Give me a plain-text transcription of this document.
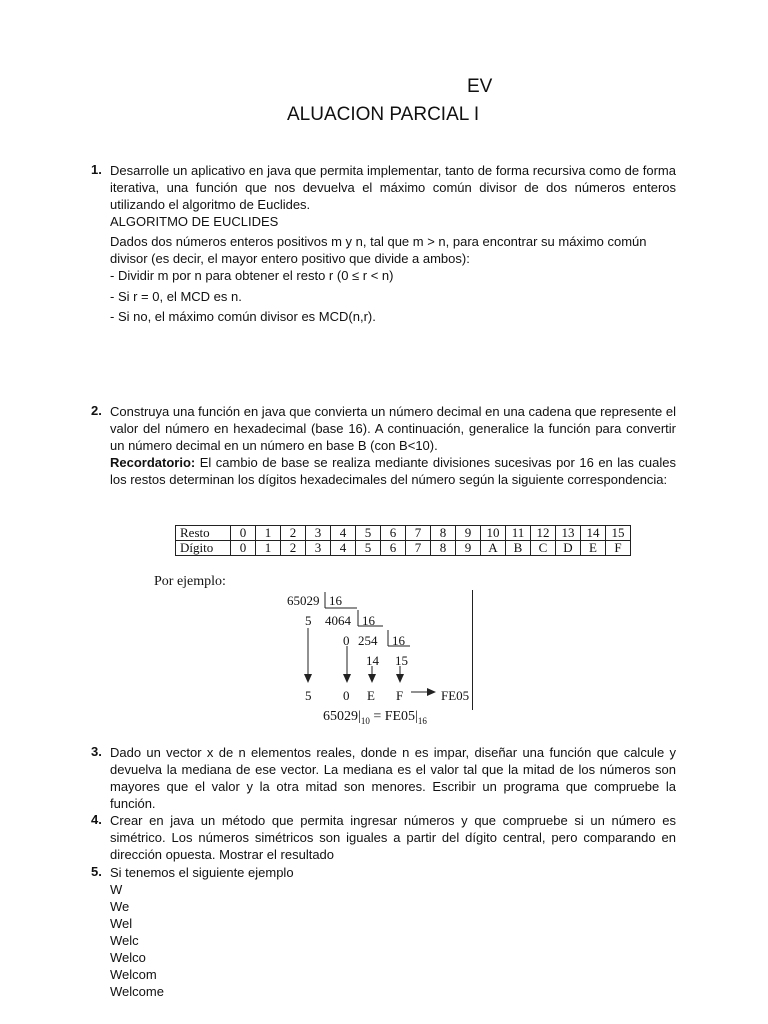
EV
ALUACION PARCIAL I
1. Desarrolle un aplicativo en java que permita implementar, tanto de forma recursiva como de forma iterativa, una función que nos devuelva el máximo común divisor de dos números enteros utilizando el algoritmo de Euclides.
ALGORITMO DE EUCLIDES
Dados dos números enteros positivos m y n, tal que m > n, para encontrar su máximo común
divisor (es decir, el mayor entero positivo que divide a ambos):
- Dividir m por n para obtener el resto r (0 ≤ r < n)
- Si r = 0, el MCD es n.
- Si no, el máximo común divisor es MCD(n,r).
2. Construya una función en java que convierta un número decimal en una cadena que represente el valor del número en hexadecimal (base 16). A continuación, generalice la función para convertir un número decimal en un número en base B (con B<10).
Recordatorio: El cambio de base se realiza mediante divisiones sucesivas por 16 en las cuales los restos determinan los dígitos hexadecimales del número según la siguiente correspondencia:
Resto	0	1	2	3	4	5	6	7	8	9	10	11	12	13	14	15
Dígito	0	1	2	3	4	5	6	7	8	9	A	B	C	D	E	F
Por ejemplo:
65029 16
5 4064 16
0 254 16
14 15
5 0 E F	FE05
$65029|_{10} = FE05|_{16}$
3. Dado un vector x de n elementos reales, donde n es impar, diseñar una función que calcule y devuelva la mediana de ese vector. La mediana es el valor tal que la mitad de los números son mayores que el valor y la otra mitad son menores. Escribir un programa que compruebe la función.
4. Crear en java un método que permita ingresar números y que compruebe si un número es simétrico. Los números simétricos son iguales a partir del dígito central, pero comparando en dirección opuesta. Mostrar el resultado
5. Si tenemos el siguiente ejemplo
W
We
Wel
Welc
Welco
Welcom
Welcome
